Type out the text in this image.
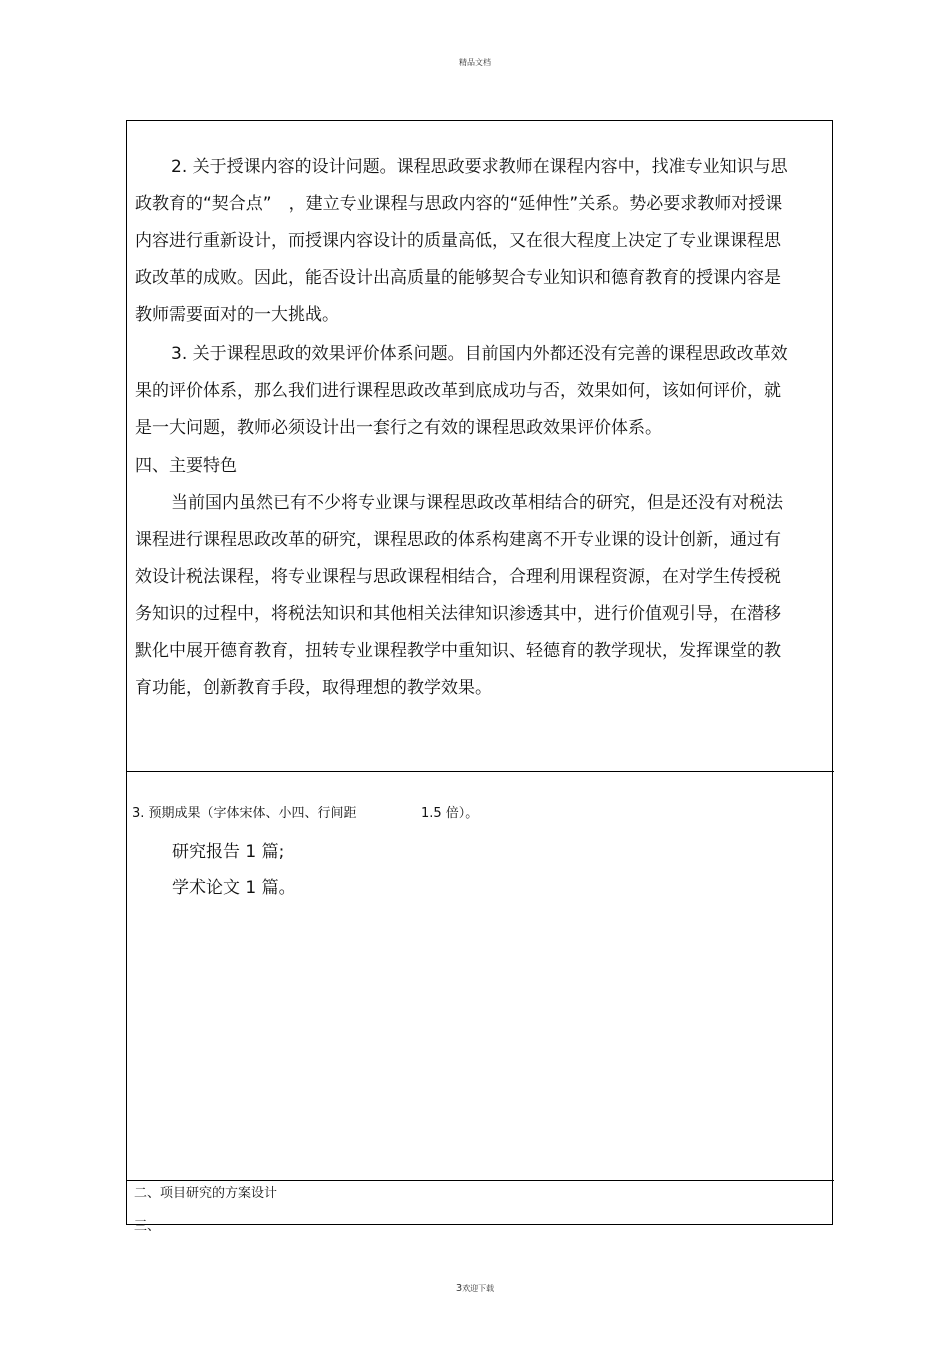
精品文档

2. 关于授课内容的设计问题。课程思政要求教师在课程内容中，找准专业知识与思政教育的“契合点”　，建立专业课程与思政内容的“延伸性”关系。势必要求教师对授课内容进行重新设计，而授课内容设计的质量高低，又在很大程度上决定了专业课课程思政改革的成败。因此，能否设计出高质量的能够契合专业知识和德育教育的授课内容是教师需要面对的一大挑战。

3. 关于课程思政的效果评价体系问题。目前国内外都还没有完善的课程思政改革效果的评价体系，那么我们进行课程思政改革到底成功与否，效果如何，该如何评价，就是一大问题，教师必须设计出一套行之有效的课程思政效果评价体系。

四、主要特色

当前国内虽然已有不少将专业课与课程思政改革相结合的研究，但是还没有对税法课程进行课程思政改革的研究，课程思政的体系构建离不开专业课的设计创新，通过有效设计税法课程，将专业课程与思政课程相结合，合理利用课程资源，在对学生传授税务知识的过程中，将税法知识和其他相关法律知识渗透其中，进行价值观引导，在潜移默化中展开德育教育，扭转专业课程教学中重知识、轻德育的教学现状，发挥课堂的教育功能，创新教育手段，取得理想的教学效果。

3. 预期成果（字体宋体、小四、行间距	1.5 倍）。
研究报告 1 篇;
学术论文 1 篇。
二、项目研究的方案设计
三、
3欢迎下载
